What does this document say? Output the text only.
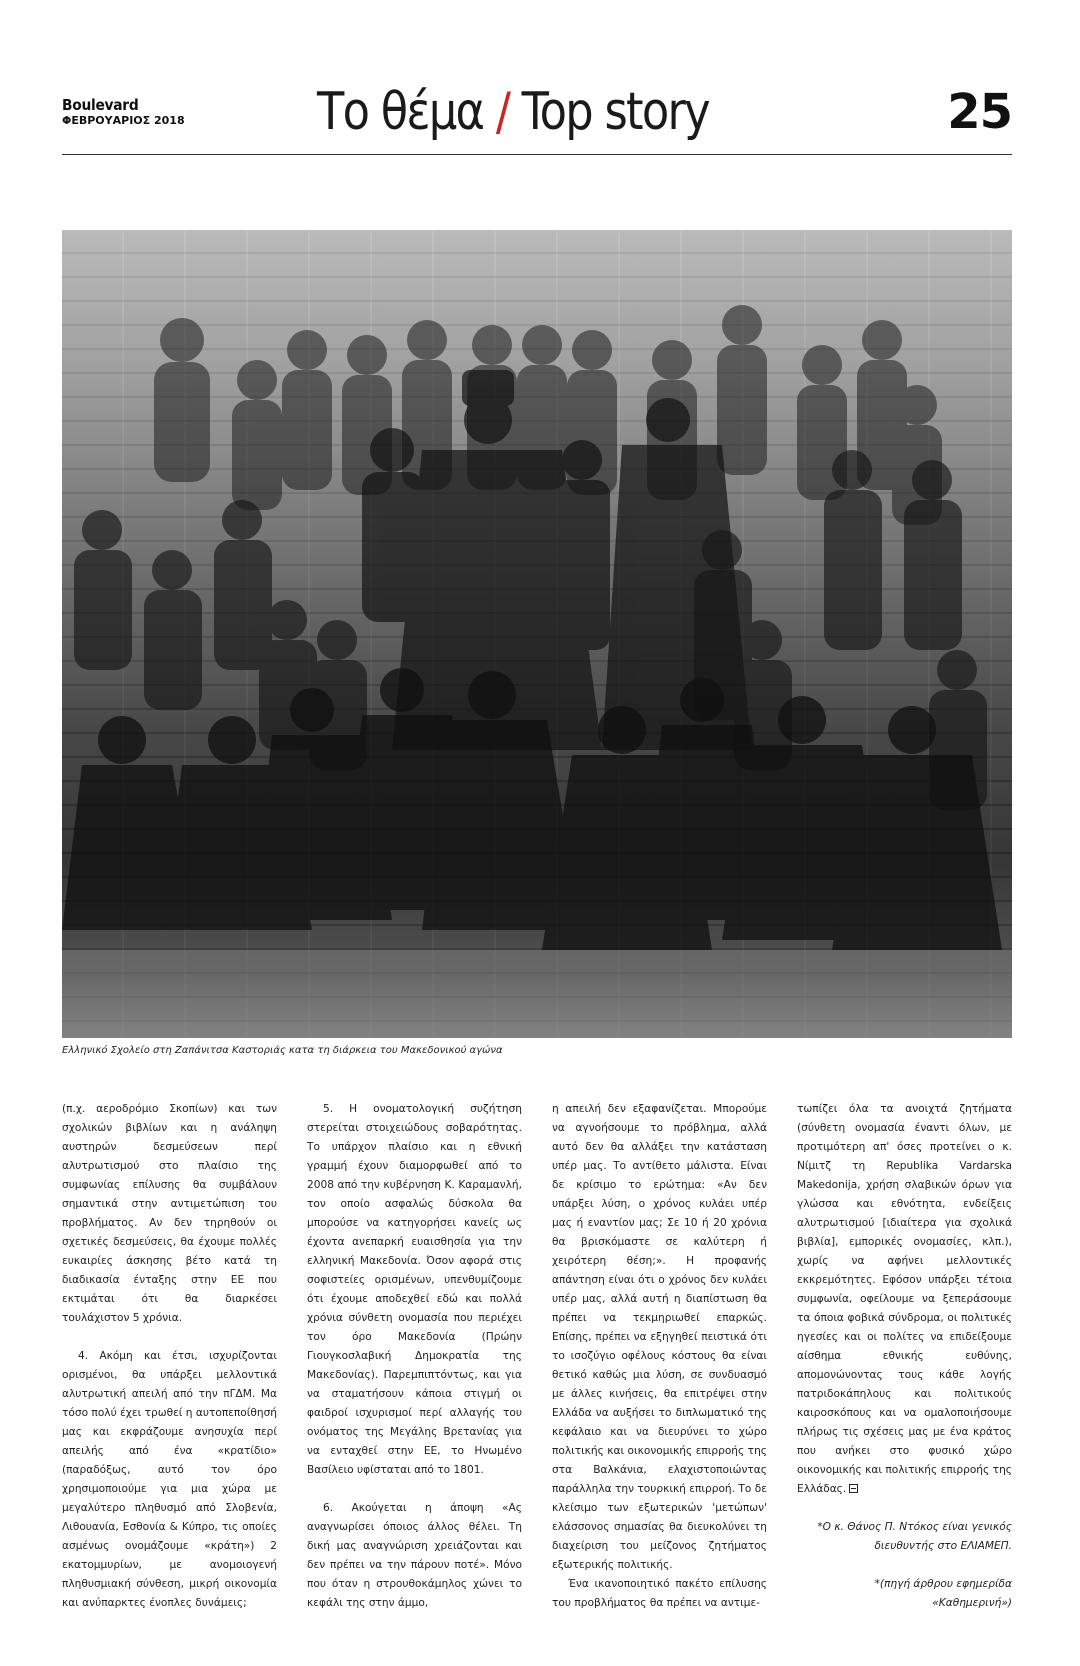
Boulevard
ΦΕΒΡΟΥΑΡΙΟΣ 2018	Το θέμα / Top story	25
Ελληνικό Σχολείο στη Ζαπάνιτσα Καστοριάς κατα τη διάρκεια του Μακεδονικού αγώνα

(π.χ. αεροδρόμιο Σκοπίων) και των σχολικών βιβλίων και η ανάληψη αυστηρών δεσμεύσεων περί αλυτρωτισμού στο πλαίσιο της συμφωνίας επίλυσης θα συμβάλουν σημαντικά στην αντιμετώπιση του προβλήματος. Αν δεν τηρηθούν οι σχετικές δεσμεύσεις, θα έχουμε πολλές ευκαιρίες άσκησης βέτο κατά τη διαδικασία ένταξης στην ΕΕ που εκτιμάται ότι θα διαρκέσει τουλάχιστον 5 χρόνια.

4. Ακόμη και έτσι, ισχυρίζονται ορισμένοι, θα υπάρξει μελλοντικά αλυτρωτική απειλή από την πΓΔΜ. Μα τόσο πολύ έχει τρωθεί η αυτοπεποίθησή μας και εκφράζουμε ανησυχία περί απειλής από ένα «κρατίδιο» (παραδόξως, αυτό τον όρο χρησιμοποιούμε για μια χώρα με μεγαλύτερο πληθυσμό από Σλοβενία, Λιθουανία, Εσθονία & Κύπρο, τις οποίες ασμένως ονομάζουμε «κράτη») 2 εκατομμυρίων, με ανομοιογενή πληθυσμιακή σύνθεση, μικρή οικονομία και ανύπαρκτες ένοπλες δυνάμεις;

5. Η ονοματολογική συζήτηση στερείται στοιχειώδους σοβαρότητας. Το υπάρχον πλαίσιο και η εθνική γραμμή έχουν διαμορφωθεί από το 2008 από την κυβέρνηση Κ. Καραμανλή, τον οποίο ασφαλώς δύσκολα θα μπορούσε να κατηγορήσει κανείς ως έχοντα ανεπαρκή ευαισθησία για την ελληνική Μακεδονία. Όσον αφορά στις σοφιστείες ορισμένων, υπενθυμίζουμε ότι έχουμε αποδεχθεί εδώ και πολλά χρόνια σύνθετη ονομασία που περιέχει τον όρο Μακεδονία (Πρώην Γιουγκοσλαβική Δημοκρατία της Μακεδονίας). Παρεμπιπτόντως, και για να σταματήσουν κάποια στιγμή οι φαιδροί ισχυρισμοί περί αλλαγής του ονόματος της Μεγάλης Βρετανίας για να ενταχθεί στην ΕΕ, το Ηνωμένο Βασίλειο υφίσταται από το 1801.

6. Ακούγεται η άποψη «Ας αναγνωρίσει όποιος άλλος θέλει. Τη δική μας αναγνώριση χρειάζονται και δεν πρέπει να την πάρουν ποτέ». Μόνο που όταν η στρουθοκάμηλος χώνει το κεφάλι της στην άμμο,

η απειλή δεν εξαφανίζεται. Μπορούμε να αγνοήσουμε το πρόβλημα, αλλά αυτό δεν θα αλλάξει την κατάσταση υπέρ μας. Το αντίθετο μάλιστα. Είναι δε κρίσιμο το ερώτημα: «Αν δεν υπάρξει λύση, ο χρόνος κυλάει υπέρ μας ή εναντίον μας; Σε 10 ή 20 χρόνια θα βρισκόμαστε σε καλύτερη ή χειρότερη θέση;». Η προφανής απάντηση είναι ότι ο χρόνος δεν κυλάει υπέρ μας, αλλά αυτή η διαπίστωση θα πρέπει να τεκμηριωθεί επαρκώς. Επίσης, πρέπει να εξηγηθεί πειστικά ότι το ισοζύγιο οφέλους κόστους θα είναι θετικό καθώς μια λύση, σε συνδυασμό με άλλες κινήσεις, θα επιτρέψει στην Ελλάδα να αυξήσει το διπλωματικό της κεφάλαιο και να διευρύνει το χώρο πολιτικής και οικονομικής επιρροής της στα Βαλκάνια, ελαχιστοποιώντας παράλληλα την τουρκική επιρροή. Το δε κλείσιμο των εξωτερικών 'μετώπων' ελάσσονος σημασίας θα διευκολύνει τη διαχείριση του μείζονος ζητήματος εξωτερικής πολιτικής.

Ένα ικανοποιητικό πακέτο επίλυσης του προβλήματος θα πρέπει να αντιμε-

τωπίζει όλα τα ανοιχτά ζητήματα (σύνθετη ονομασία έναντι όλων, με προτιμότερη απ' όσες προτείνει ο κ. Νίμιτζ τη Republika Vardarska Makedonija, χρήση σλαβικών όρων για γλώσσα και εθνότητα, ενδείξεις αλυτρωτισμού [ιδιαίτερα για σχολικά βιβλία], εμπορικές ονομασίες, κλπ.), χωρίς να αφήνει μελλοντικές εκκρεμότητες. Εφόσον υπάρξει τέτοια συμφωνία, οφείλουμε να ξεπεράσουμε τα όποια φοβικά σύνδρομα, οι πολιτικές ηγεσίες και οι πολίτες να επιδείξουμε αίσθημα εθνικής ευθύνης, απομονώνοντας τους κάθε λογής πατριδοκάπηλους και πολιτικούς καιροσκόπους και να ομαλοποιήσουμε πλήρως τις σχέσεις μας με ένα κράτος που ανήκει στο φυσικό χώρο οικονομικής και πολιτικής επιρροής της Ελλάδας.

*Ο κ. Θάνος Π. Ντόκος είναι γενικός διευθυντής στο ΕΛΙΑΜΕΠ.

*(πηγή άρθρου εφημερίδα «Καθημερινή»)
